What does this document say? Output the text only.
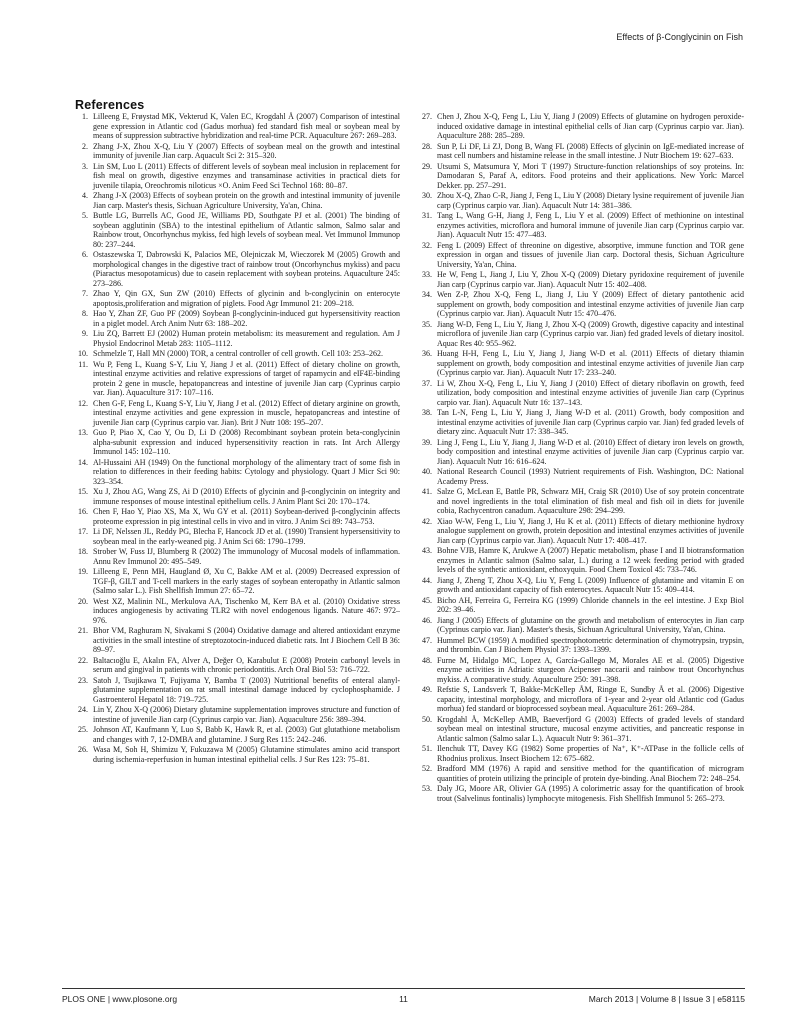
Effects of β-Conglycinin on Fish
References
1. Lilleeng E, Frøystad MK, Vekterud K, Valen EC, Krogdahl Å (2007) Comparison of intestinal gene expression in Atlantic cod (Gadus morhua) fed standard fish meal or soybean meal by means of suppression subtractive hybridization and real-time PCR. Aquaculture 267: 269–283.
2. Zhang J-X, Zhou X-Q, Liu Y (2007) Effects of soybean meal on the growth and intestinal immunity of juvenile Jian carp. Aquacult Sci 2: 315–320.
3. Lin SM, Luo L (2011) Effects of different levels of soybean meal inclusion in replacement for fish meal on growth, digestive enzymes and transaminase activities in practical diets for juvenile tilapia, Oreochromis niloticus ×O. Anim Feed Sci Technol 168: 80–87.
4. Zhang J-X (2003) Effects of soybean protein on the growth and intestinal immunity of juvenile Jian carp. Master's thesis, Sichuan Agriculture University, Ya'an, China.
5. Buttle LG, Burrells AC, Good JE, Williams PD, Southgate PJ et al. (2001) The binding of soybean agglutinin (SBA) to the intestinal epithelium of Atlantic salmon, Salmo salar and Rainbow trout, Oncorhynchus mykiss, fed high levels of soybean meal. Vet Immunol Immunop 80: 237–244.
6. Ostaszewska T, Dabrowski K, Palacios ME, Olejniczak M, Wieczorek M (2005) Growth and morphological changes in the digestive tract of rainbow trout (Oncorhynchus mykiss) and pacu (Piaractus mesopotamicus) due to casein replacement with soybean proteins. Aquaculture 245: 273–286.
7. Zhao Y, Qin GX, Sun ZW (2010) Effects of glycinin and b-conglycinin on enterocyte apoptosis,proliferation and migration of piglets. Food Agr Immunol 21: 209–218.
8. Hao Y, Zhan ZF, Guo PF (2009) Soybean β-conglycinin-induced gut hypersensitivity reaction in a piglet model. Arch Anim Nutr 63: 188–202.
9. Liu ZQ, Barrett EJ (2002) Human protein metabolism: its measurement and regulation. Am J Physiol Endocrinol Metab 283: 1105–1112.
10. Schmelzle T, Hall MN (2000) TOR, a central controller of cell growth. Cell 103: 253–262.
11. Wu P, Feng L, Kuang S-Y, Liu Y, Jiang J et al. (2011) Effect of dietary choline on growth, intestinal enzyme activities and relative expressions of target of rapamycin and eIF4E-binding protein 2 gene in muscle, hepatopancreas and intestine of juvenile Jian carp (Cyprinus carpio var. Jian). Aquaculture 317: 107–116.
12. Chen G-F, Feng L, Kuang S-Y, Liu Y, Jiang J et al. (2012) Effect of dietary arginine on growth, intestinal enzyme activities and gene expression in muscle, hepatopancreas and intestine of juvenile Jian carp (Cyprinus carpio var. Jian). Brit J Nutr 108: 195–207.
13. Guo P, Piao X, Cao Y, Ou D, Li D (2008) Recombinant soybean protein beta-conglycinin alpha-subunit expression and induced hypersensitivity reaction in rats. Int Arch Allergy Immunol 145: 102–110.
14. Al-Hussaini AH (1949) On the functional morphology of the alimentary tract of some fish in relation to differences in their feeding habits: Cytology and physiology. Quart J Micr Sci 90: 323–354.
15. Xu J, Zhou AG, Wang ZS, Ai D (2010) Effects of glycinin and β-conglycinin on integrity and immune responses of mouse intestinal epithelium cells. J Anim Plant Sci 20: 170–174.
16. Chen F, Hao Y, Piao XS, Ma X, Wu GY et al. (2011) Soybean-derived β-conglycinin affects proteome expression in pig intestinal cells in vivo and in vitro. J Anim Sci 89: 743–753.
17. Li DF, Nelssen JL, Reddy PG, Blecha F, Hancock JD et al. (1990) Transient hypersensitivity to soybean meal in the early-weaned pig. J Anim Sci 68: 1790–1799.
18. Strober W, Fuss IJ, Blumberg R (2002) The immunology of Mucosal models of inflammation. Annu Rev Immunol 20: 495–549.
19. Lilleeng E, Penn MH, Haugland Ø, Xu C, Bakke AM et al. (2009) Decreased expression of TGF-β, GILT and T-cell markers in the early stages of soybean enteropathy in Atlantic salmon (Salmo salar L.). Fish Shellfish Immun 27: 65–72.
20. West XZ, Malinin NL, Merkulova AA, Tischenko M, Kerr BA et al. (2010) Oxidative stress induces angiogenesis by activating TLR2 with novel endogenous ligands. Nature 467: 972–976.
21. Bhor VM, Raghuram N, Sivakami S (2004) Oxidative damage and altered antioxidant enzyme activities in the small intestine of streptozotocin-induced diabetic rats. Int J Biochem Cell B 36: 89–97.
22. Baltacıoğlu E, Akalın FA, Alver A, Değer O, Karabulut E (2008) Protein carbonyl levels in serum and gingival in patients with chronic periodontitis. Arch Oral Biol 53: 716–722.
23. Satoh J, Tsujikawa T, Fujiyama Y, Bamba T (2003) Nutritional benefits of enteral alanyl-glutamine supplementation on rat small intestinal damage induced by cyclophosphamide. J Gastroenterol Hepatol 18: 719–725.
24. Lin Y, Zhou X-Q (2006) Dietary glutamine supplementation improves structure and function of intestine of juvenile Jian carp (Cyprinus carpio var. Jian). Aquaculture 256: 389–394.
25. Johnson AT, Kaufmann Y, Luo S, Babb K, Hawk R, et al. (2003) Gut glutathione metabolism and changes with 7, 12-DMBA and glutamine. J Surg Res 115: 242–246.
26. Wasa M, Soh H, Shimizu Y, Fukuzawa M (2005) Glutamine stimulates amino acid transport during ischemia-reperfusion in human intestinal epithelial cells. J Sur Res 123: 75–81.
27. Chen J, Zhou X-Q, Feng L, Liu Y, Jiang J (2009) Effects of glutamine on hydrogen peroxide-induced oxidative damage in intestinal epithelial cells of Jian carp (Cyprinus carpio var. Jian). Aquaculture 288: 285–289.
28. Sun P, Li DF, Li ZJ, Dong B, Wang FL (2008) Effects of glycinin on IgE-mediated increase of mast cell numbers and histamine release in the small intestine. J Nutr Biochem 19: 627–633.
29. Utsumi S, Matsumura Y, Mori T (1997) Structure-function relationships of soy proteins. In: Damodaran S, Paraf A, editors. Food proteins and their applications. New York: Marcel Dekker. pp. 257–291.
30. Zhou X-Q, Zhao C-R, Jiang J, Feng L, Liu Y (2008) Dietary lysine requirement of juvenile Jian carp (Cyprinus carpio var. Jian). Aquacult Nutr 14: 381–386.
31. Tang L, Wang G-H, Jiang J, Feng L, Liu Y et al. (2009) Effect of methionine on intestinal enzymes activities, microflora and humoral immune of juvenile Jian carp (Cyprinus carpio var. Jian). Aquacult Nutr 15: 477–483.
32. Feng L (2009) Effect of threonine on digestive, absorptive, immune function and TOR gene expression in organ and tissues of juvenile Jian carp. Doctoral thesis, Sichuan Agriculture University, Ya'an, China.
33. He W, Feng L, Jiang J, Liu Y, Zhou X-Q (2009) Dietary pyridoxine requirement of juvenile Jian carp (Cyprinus carpio var. Jian). Aquacult Nutr 15: 402–408.
34. Wen Z-P, Zhou X-Q, Feng L, Jiang J, Liu Y (2009) Effect of dietary pantothenic acid supplement on growth, body composition and intestinal enzyme activities of juvenile Jian carp (Cyprinus carpio var. Jian). Aquacult Nutr 15: 470–476.
35. Jiang W-D, Feng L, Liu Y, Jiang J, Zhou X-Q (2009) Growth, digestive capacity and intestinal microflora of juvenile Jian carp (Cyprinus carpio var. Jian) fed graded levels of dietary inositol. Aquac Res 40: 955–962.
36. Huang H-H, Feng L, Liu Y, Jiang J, Jiang W-D et al. (2011) Effects of dietary thiamin supplement on growth, body composition and intestinal enzyme activities of juvenile Jian carp (Cyprinus carpio var. Jian). Aquacult Nutr 17: 233–240.
37. Li W, Zhou X-Q, Feng L, Liu Y, Jiang J (2010) Effect of dietary riboflavin on growth, feed utilization, body composition and intestinal enzyme activities of juvenile Jian carp (Cyprinus carpio var. Jian). Aquacult Nutr 16: 137–143.
38. Tan L-N, Feng L, Liu Y, Jiang J, Jiang W-D et al. (2011) Growth, body composition and intestinal enzyme activities of juvenile Jian carp (Cyprinus carpio var. Jian) fed graded levels of dietary zinc. Aquacult Nutr 17: 338–345.
39. Ling J, Feng L, Liu Y, Jiang J, Jiang W-D et al. (2010) Effect of dietary iron levels on growth, body composition and intestinal enzyme activities of juvenile Jian carp (Cyprinus carpio var. Jian). Aquacult Nutr 16: 616–624.
40. National Research Council (1993) Nutrient requirements of Fish. Washington, DC: National Academy Press.
41. Salze G, McLean E, Battle PR, Schwarz MH, Craig SR (2010) Use of soy protein concentrate and novel ingredients in the total elimination of fish meal and fish oil in diets for juvenile cobia, Rachycentron canadum. Aquaculture 298: 294–299.
42. Xiao W-W, Feng L, Liu Y, Jiang J, Hu K et al. (2011) Effects of dietary methionine hydroxy analogue supplement on growth, protein deposition and intestinal enzymes activities of juvenile Jian carp (Cyprinus carpio var. Jian). Aquacult Nutr 17: 408–417.
43. Bohne VJB, Hamre K, Arukwe A (2007) Hepatic metabolism, phase I and II biotransformation enzymes in Atlantic salmon (Salmo salar, L.) during a 12 week feeding period with graded levels of the synthetic antioxidant, ethoxyquin. Food Chem Toxicol 45: 733–746.
44. Jiang J, Zheng T, Zhou X-Q, Liu Y, Feng L (2009) Influence of glutamine and vitamin E on growth and antioxidant capacity of fish enterocytes. Aquacult Nutr 15: 409–414.
45. Bicho AH, Ferreira G, Ferreira KG (1999) Chloride channels in the eel intestine. J Exp Biol 202: 39–46.
46. Jiang J (2005) Effects of glutamine on the growth and metabolism of enterocytes in Jian carp (Cyprinus carpio var. Jian). Master's thesis, Sichuan Agricultural University, Ya'an, China.
47. Hummel BCW (1959) A modified spectrophotometric determination of chymotrypsin, trypsin, and thrombin. Can J Biochem Physiol 37: 1393–1399.
48. Furne M, Hidalgo MC, Lopez A, García-Gallego M, Morales AE et al. (2005) Digestive enzyme activities in Adriatic sturgeon Acipenser naccarii and rainbow trout Oncorhynchus mykiss. A comparative study. Aquaculture 250: 391–398.
49. Refstie S, Landsverk T, Bakke-McKellep ÅM, Ringø E, Sundby Å et al. (2006) Digestive capacity, intestinal morphology, and microflora of 1-year and 2-year old Atlantic cod (Gadus morhua) fed standard or bioprocessed soybean meal. Aquaculture 261: 269–284.
50. Krogdahl Å, McKellep AMB, Baeverfjord G (2003) Effects of graded levels of standard soybean meal on intestinal structure, mucosal enzyme activities, and pancreatic response in Atlantic salmon (Salmo salar L.). Aquacult Nutr 9: 361–371.
51. Ilenchuk TT, Davey KG (1982) Some properties of Na⁺, K⁺-ATPase in the follicle cells of Rhodnius prolixus. Insect Biochem 12: 675–682.
52. Bradford MM (1976) A rapid and sensitive method for the quantification of microgram quantities of protein utilizing the principle of protein dye-binding. Anal Biochem 72: 248–254.
53. Daly JG, Moore AR, Olivier GA (1995) A colorimetric assay for the quantification of brook trout (Salvelinus fontinalis) lymphocyte mitogenesis. Fish Shellfish Immunol 5: 265–273.
11
PLOS ONE | www.plosone.org	March 2013 | Volume 8 | Issue 3 | e58115
